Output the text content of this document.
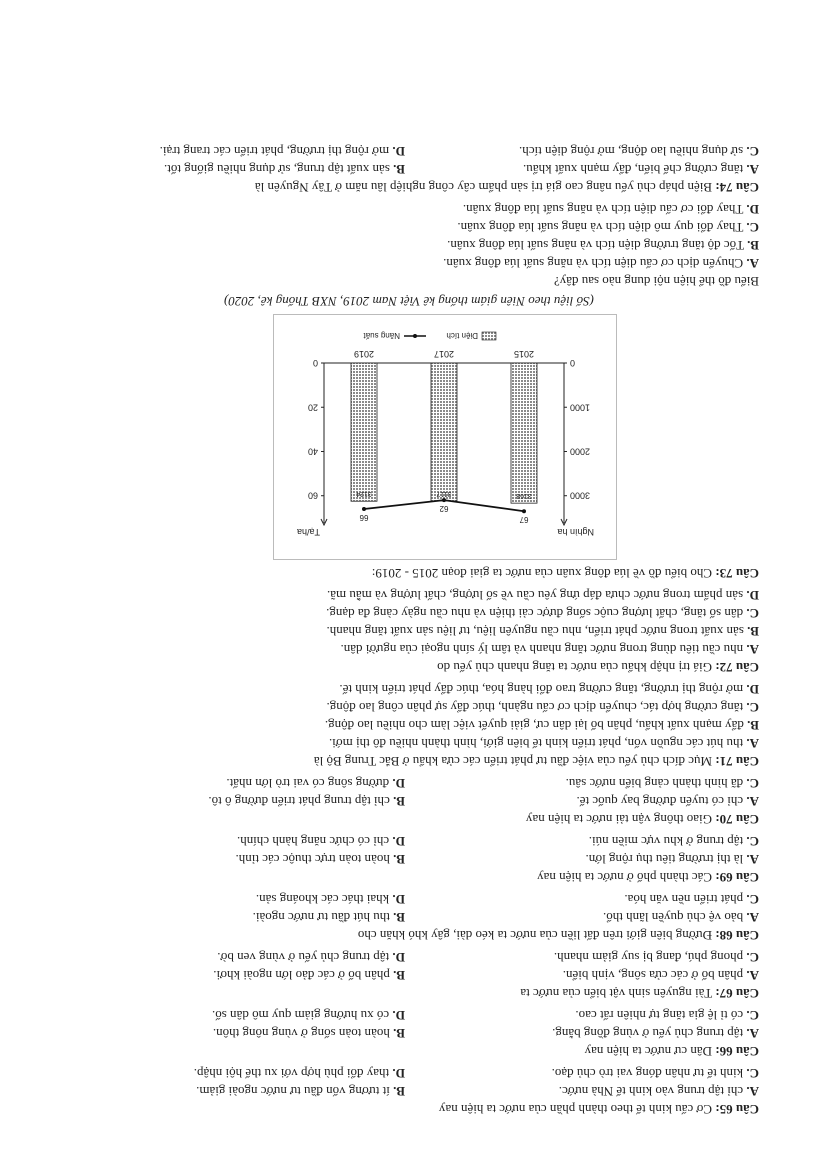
Câu 65: Cơ cấu kinh tế theo thành phần của nước ta hiện nay
A. chỉ tập trung vào kinh tế Nhà nước.
B. ít tương vốn đầu tư nước ngoài giảm.
C. kinh tế tư nhân đóng vai trò chủ đạo.
D. thay đổi phù hợp với xu thế hội nhập.
Câu 66: Dân cư nước ta hiện nay
A. tập trung chủ yếu ở vùng đồng bằng.
B. hoàn toàn sống ở vùng nông thôn.
C. có tỉ lệ gia tăng tự nhiên rất cao.
D. có xu hướng giảm quy mô dân số.
Câu 67: Tài nguyên sinh vật biển của nước ta
A. phân bố ở các cửa sông, vịnh biển.
B. phân bố ở các đảo lớn ngoài khơi.
C. phong phú, đang bị suy giảm nhanh.
D. tập trung chủ yếu ở vùng ven bờ.
Câu 68: Đường biên giới trên đất liền của nước ta kéo dài, gây khó khăn cho
A. bảo vệ chủ quyền lãnh thổ.
B. thu hút đầu tư nước ngoài.
C. phát triển nền văn hóa.
D. khai thác các khoáng sản.
Câu 69: Các thành phố ở nước ta hiện nay
A. là thị trường tiêu thụ rộng lớn.
B. hoàn toàn trực thuộc các tỉnh.
C. tập trung ở khu vực miền núi.
D. chỉ có chức năng hành chính.
Câu 70: Giao thông vận tải nước ta hiện nay
A. chỉ có tuyến đường bay quốc tế.
B. chỉ tập trung phát triển đường ô tô.
C. đã hình thành cảng biển nước sâu.
D. đường sông có vai trò lớn nhất.
Câu 71: Mục đích chủ yếu của việc đầu tư phát triển các cửa khẩu ở Bắc Trung Bộ là
A. thu hút các nguồn vốn, phát triển kinh tế biên giới, hình thành nhiều đô thị mới.
B. đẩy mạnh xuất khẩu, phân bố lại dân cư, giải quyết việc làm cho nhiều lao động.
C. tăng cường hợp tác, chuyển dịch cơ cấu ngành, thúc đẩy sự phân công lao động.
D. mở rộng thị trường, tăng cường trao đổi hàng hóa, thúc đẩy phát triển kinh tế.
Câu 72: Giá trị nhập khẩu của nước ta tăng nhanh chủ yếu do
A. nhu cầu tiêu dùng trong nước tăng nhanh và tâm lý sính ngoại của người dân.
B. sản xuất trong nước phát triển, nhu cầu nguyên liệu, tư liệu sản xuất tăng nhanh.
C. dân số tăng, chất lượng cuộc sống được cải thiện và nhu cầu ngày càng đa dạng.
D. sản phẩm trong nước chưa đáp ứng yêu cầu về số lượng, chất lượng và mẫu mã.
Câu 73: Cho biểu đồ về lúa đông xuân của nước ta giai đoạn 2015 - 2019:
Nghìn ha
Tạ/ha
0
1000
2000
3000
0
20
40
60	3168
2015
67
3117
2017
62
3124
2019
66
Diện tích
Năng suất
(Số liệu theo Niên giám thống kê Việt Nam 2019, NXB Thống kê, 2020)
Biểu đồ thể hiện nội dung nào sau đây?
A. Chuyển dịch cơ cấu diện tích và năng suất lúa đông xuân.
B. Tốc độ tăng trưởng diện tích và năng suất lúa đông xuân.
C. Thay đổi quy mô diện tích và năng suất lúa đông xuân.
D. Thay đổi cơ cấu diện tích và năng suất lúa đông xuân.
Câu 74: Biện pháp chủ yếu nâng cao giá trị sản phẩm cây công nghiệp lâu năm ở Tây Nguyên là
A. tăng cường chế biến, đẩy mạnh xuất khẩu.
B. sản xuất tập trung, sử dụng nhiều giống tốt.
C. sử dụng nhiều lao động, mở rộng diện tích.
D. mở rộng thị trường, phát triển các trang trại.
